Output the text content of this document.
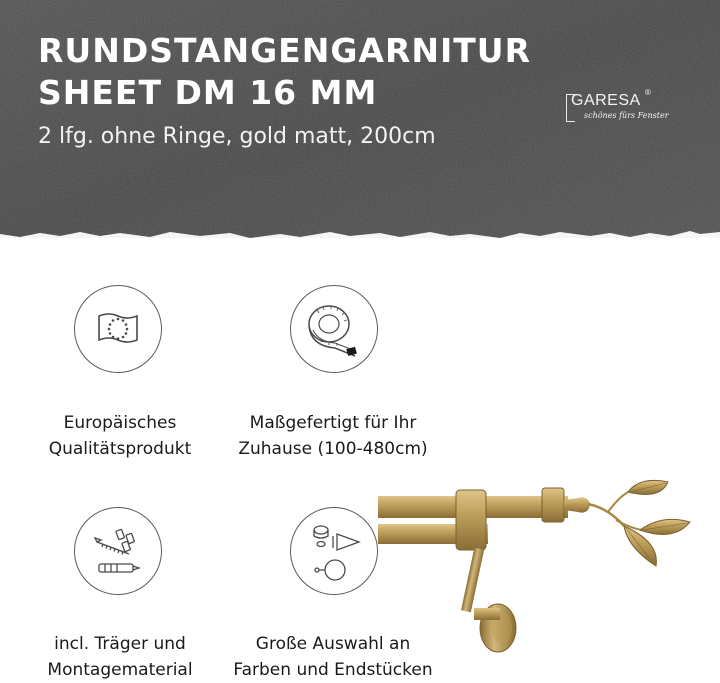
RUNDSTANGENGARNITUR
SHEET DM 16 MM
2 lfg. ohne Ringe, gold matt, 200cm
GARESA ®
schönes fürs Fenster
Europäisches
Qualitätsprodukt
Maßgefertigt für Ihr
Zuhause (100-480cm)
incl. Träger und
Montagematerial
Große Auswahl an
Farben und Endstücken
